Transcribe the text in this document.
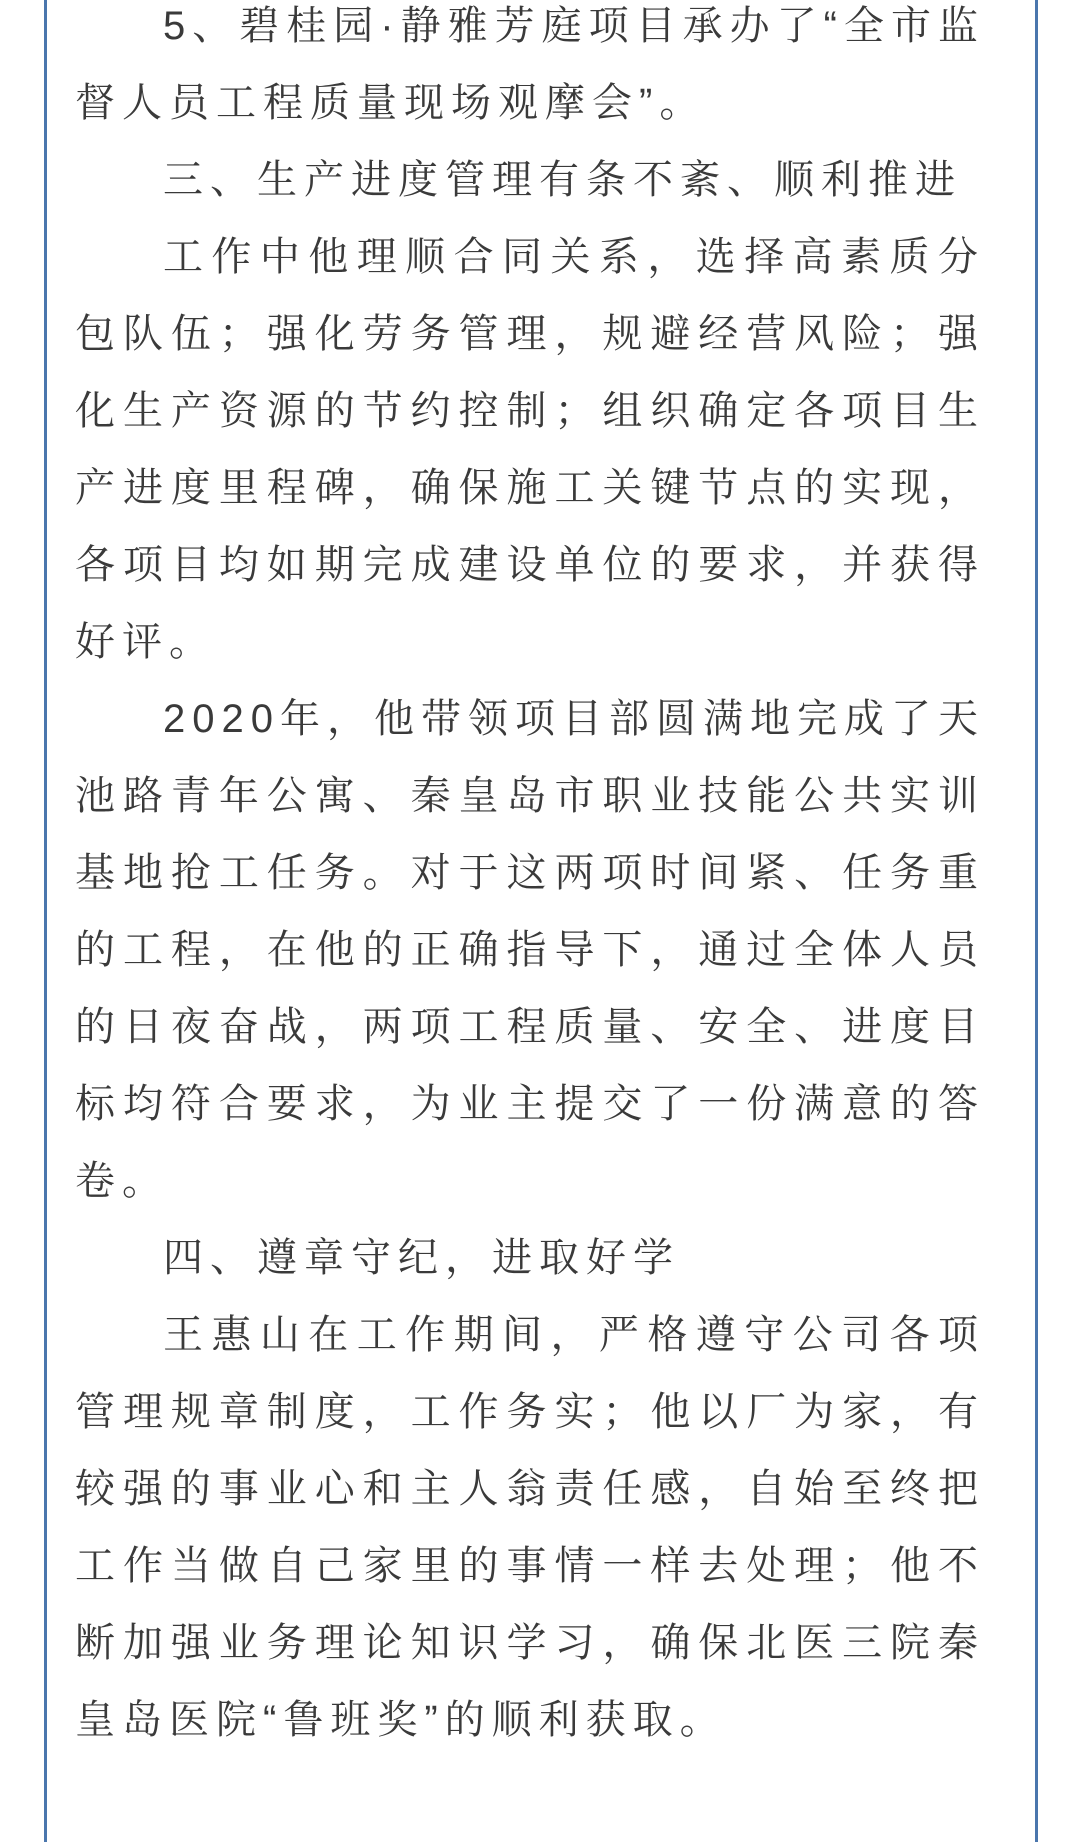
5、碧桂园·静雅芳庭项目承办了“全市监督人员工程质量现场观摩会”。

三、生产进度管理有条不紊、顺利推进

工作中他理顺合同关系，选择高素质分包队伍；强化劳务管理，规避经营风险；强化生产资源的节约控制；组织确定各项目生产进度里程碑，确保施工关键节点的实现，各项目均如期完成建设单位的要求，并获得好评。

2020年，他带领项目部圆满地完成了天池路青年公寓、秦皇岛市职业技能公共实训基地抢工任务。对于这两项时间紧、任务重的工程，在他的正确指导下，通过全体人员的日夜奋战，两项工程质量、安全、进度目标均符合要求，为业主提交了一份满意的答卷。

四、遵章守纪，进取好学

王惠山在工作期间，严格遵守公司各项管理规章制度，工作务实；他以厂为家，有较强的事业心和主人翁责任感，自始至终把工作当做自己家里的事情一样去处理；他不断加强业务理论知识学习，确保北医三院秦皇岛医院“鲁班奖”的顺利获取。
